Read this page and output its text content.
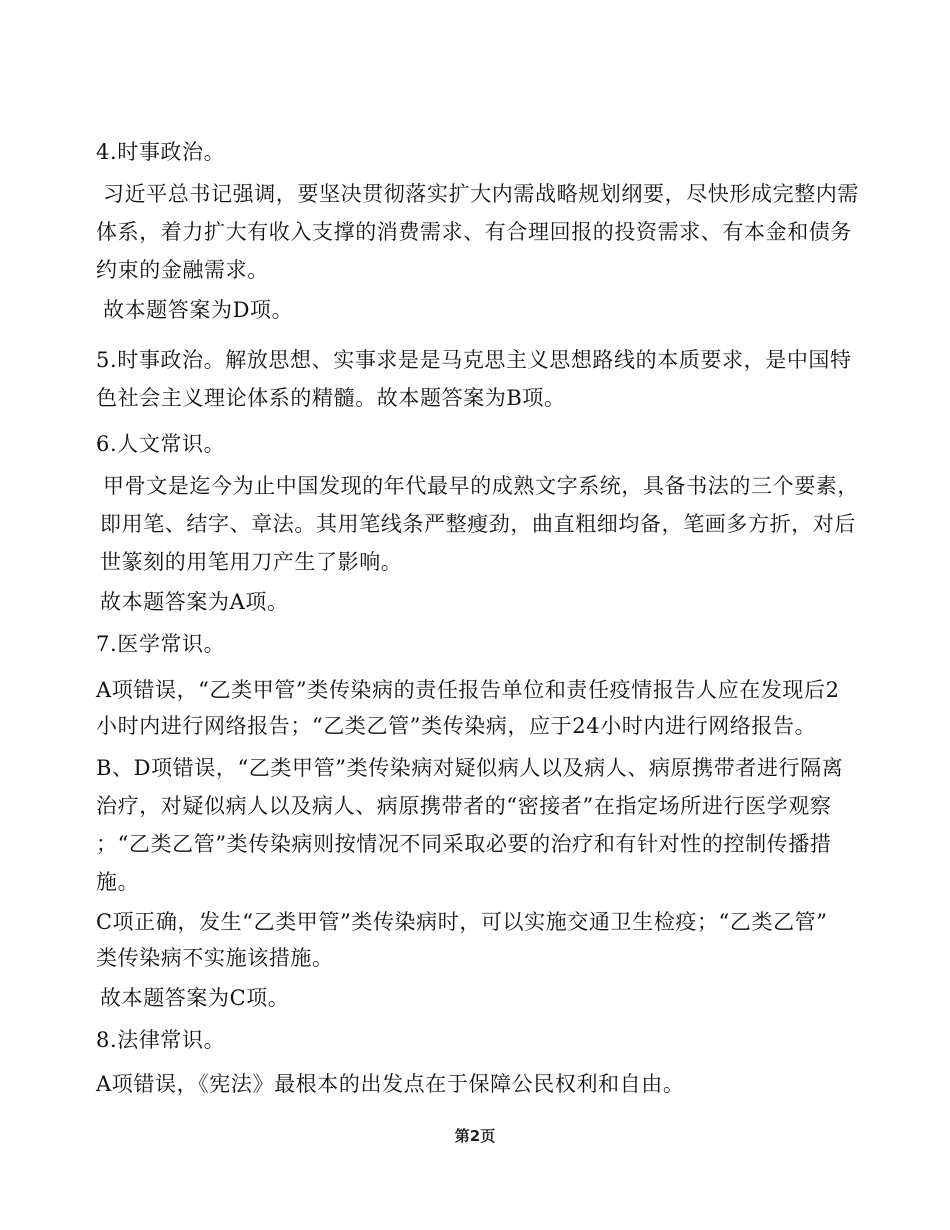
4.时事政治。
习近平总书记强调，要坚决贯彻落实扩大内需战略规划纲要，尽快形成完整内需
体系，着力扩大有收入支撑的消费需求、有合理回报的投资需求、有本金和债务
约束的金融需求。
故本题答案为D项。
5.时事政治。解放思想、实事求是是马克思主义思想路线的本质要求，是中国特
色社会主义理论体系的精髓。故本题答案为B项。
6.人文常识。
甲骨文是迄今为止中国发现的年代最早的成熟文字系统，具备书法的三个要素，
即用笔、结字、章法。其用笔线条严整瘦劲，曲直粗细均备，笔画多方折，对后
世篆刻的用笔用刀产生了影响。
故本题答案为A项。
7.医学常识。
A项错误，“乙类甲管”类传染病的责任报告单位和责任疫情报告人应在发现后2
小时内进行网络报告；“乙类乙管”类传染病，应于24小时内进行网络报告。
B、D项错误，“乙类甲管”类传染病对疑似病人以及病人、病原携带者进行隔离
治疗，对疑似病人以及病人、病原携带者的“密接者”在指定场所进行医学观察
；“乙类乙管”类传染病则按情况不同采取必要的治疗和有针对性的控制传播措
施。
C项正确，发生“乙类甲管”类传染病时，可以实施交通卫生检疫；“乙类乙管”
类传染病不实施该措施。
故本题答案为C项。
8.法律常识。
A项错误，《宪法》最根本的出发点在于保障公民权利和自由。
第2页
